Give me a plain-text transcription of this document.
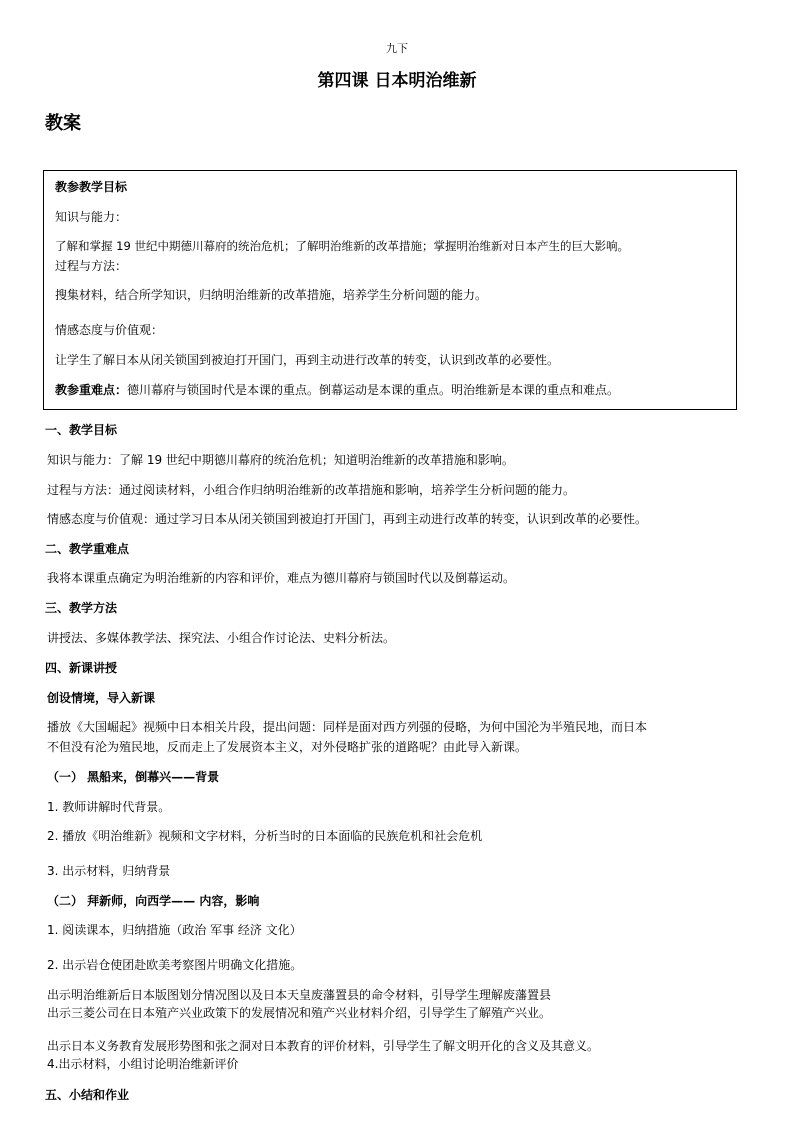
九下
第四课 日本明治维新
教案
教参教学目标
知识与能力：
了解和掌握 19 世纪中期德川幕府的统治危机；了解明治维新的改革措施；掌握明治维新对日本产生的巨大影响。
过程与方法：
搜集材料，结合所学知识，归纳明治维新的改革措施，培养学生分析问题的能力。
情感态度与价值观：
让学生了解日本从闭关锁国到被迫打开国门，再到主动进行改革的转变，认识到改革的必要性。
教参重难点：德川幕府与锁国时代是本课的重点。倒幕运动是本课的重点。明治维新是本课的重点和难点。
一、教学目标
知识与能力：了解 19 世纪中期德川幕府的统治危机；知道明治维新的改革措施和影响。
过程与方法：通过阅读材料，小组合作归纳明治维新的改革措施和影响，培养学生分析问题的能力。
情感态度与价值观：通过学习日本从闭关锁国到被迫打开国门，再到主动进行改革的转变，认识到改革的必要性。
二、教学重难点
我将本课重点确定为明治维新的内容和评价，难点为德川幕府与锁国时代以及倒幕运动。
三、教学方法
讲授法、多媒体教学法、探究法、小组合作讨论法、史料分析法。
四、新课讲授
创设情境，导入新课
播放《大国崛起》视频中日本相关片段，提出问题：同样是面对西方列强的侵略，为何中国沦为半殖民地，而日本
不但没有沦为殖民地，反而走上了发展资本主义，对外侵略扩张的道路呢？由此导入新课。
（一） 黑船来，倒幕兴——背景
1. 教师讲解时代背景。
2. 播放《明治维新》视频和文字材料，分析当时的日本面临的民族危机和社会危机
3. 出示材料，归纳背景
（二） 拜新师，向西学—— 内容，影响
1. 阅读课本，归纳措施（政治 军事 经济 文化）
2. 出示岩仓使团赴欧美考察图片明确文化措施。
出示明治维新后日本版图划分情况图以及日本天皇废藩置县的命令材料，引导学生理解废藩置县
出示三菱公司在日本殖产兴业政策下的发展情况和殖产兴业材料介绍，引导学生了解殖产兴业。
出示日本义务教育发展形势图和张之洞对日本教育的评价材料，引导学生了解文明开化的含义及其意义。
4.出示材料，小组讨论明治维新评价
五、小结和作业
